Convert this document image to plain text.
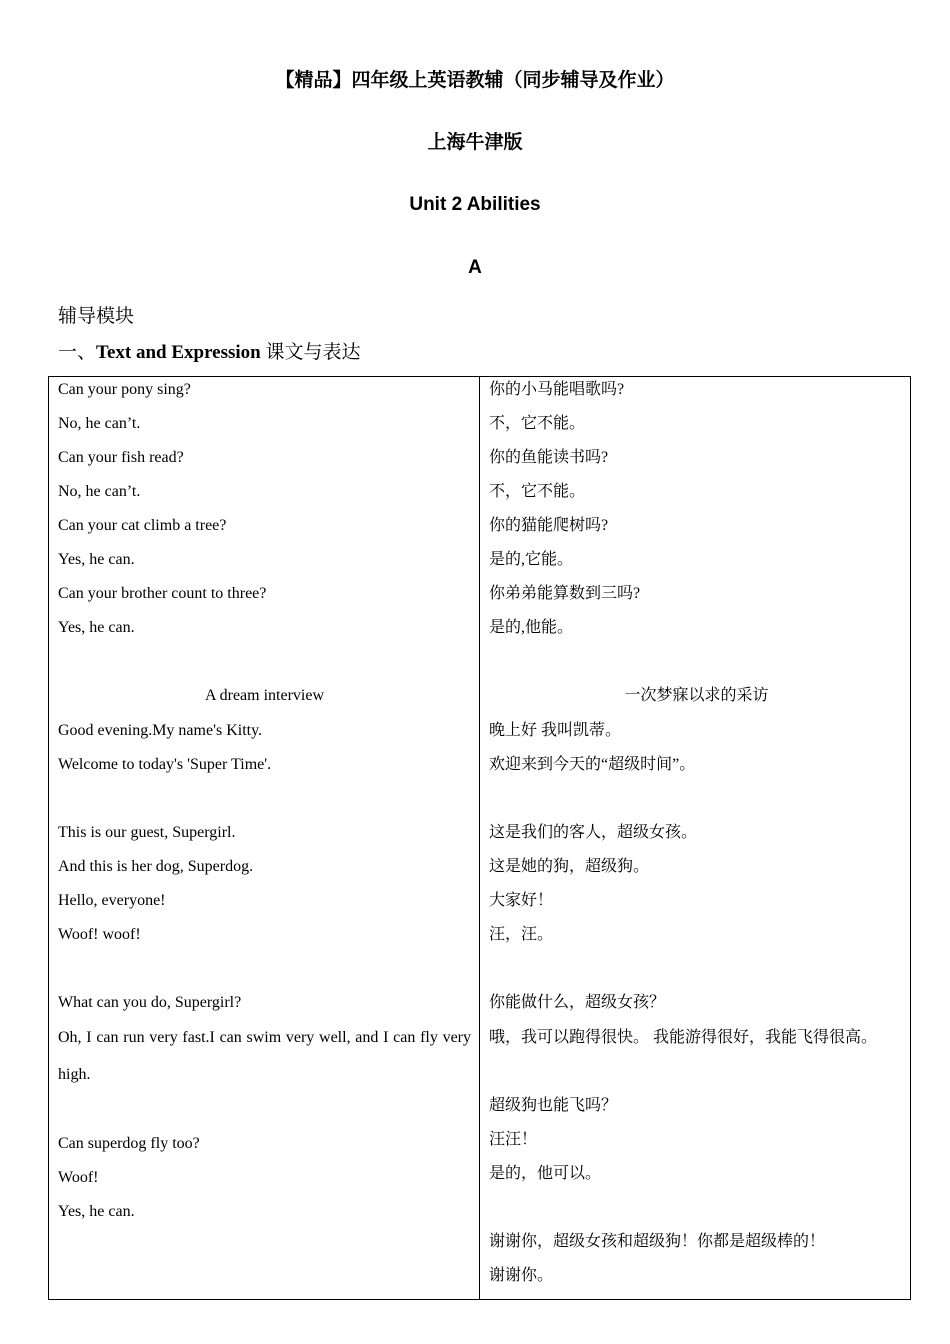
【精品】四年级上英语教辅（同步辅导及作业）
上海牛津版
Unit 2 Abilities
A
辅导模块
一、Text and Expression 课文与表达
Can your pony sing?
No, he can’t.
Can your fish read?
No, he can’t.
Can your cat climb a tree?
Yes, he can.
Can your brother count to three?
Yes, he can.
A dream interview
Good evening.My name's Kitty.
Welcome to today's 'Super Time'.
This is our guest, Supergirl.
And this is her dog, Superdog.
Hello, everyone!
Woof! woof!
What can you do, Supergirl?
Oh, I can run very fast.I can swim very well, and I can fly very high.
Can superdog fly too?
Woof!
Yes, he can.
你的小马能唱歌吗?
不，它不能。
你的鱼能读书吗?
不，它不能。
你的猫能爬树吗?
是的,它能。
你弟弟能算数到三吗?
是的,他能。
一次梦寐以求的采访
晚上好 我叫凯蒂。
欢迎来到今天的“超级时间”。
这是我们的客人，超级女孩。
这是她的狗，超级狗。
大家好！
汪，汪。
你能做什么，超级女孩？
哦，我可以跑得很快。 我能游得很好，我能飞得很高。
超级狗也能飞吗？
汪汪！
是的，他可以。
谢谢你，超级女孩和超级狗！你都是超级棒的！
谢谢你。
